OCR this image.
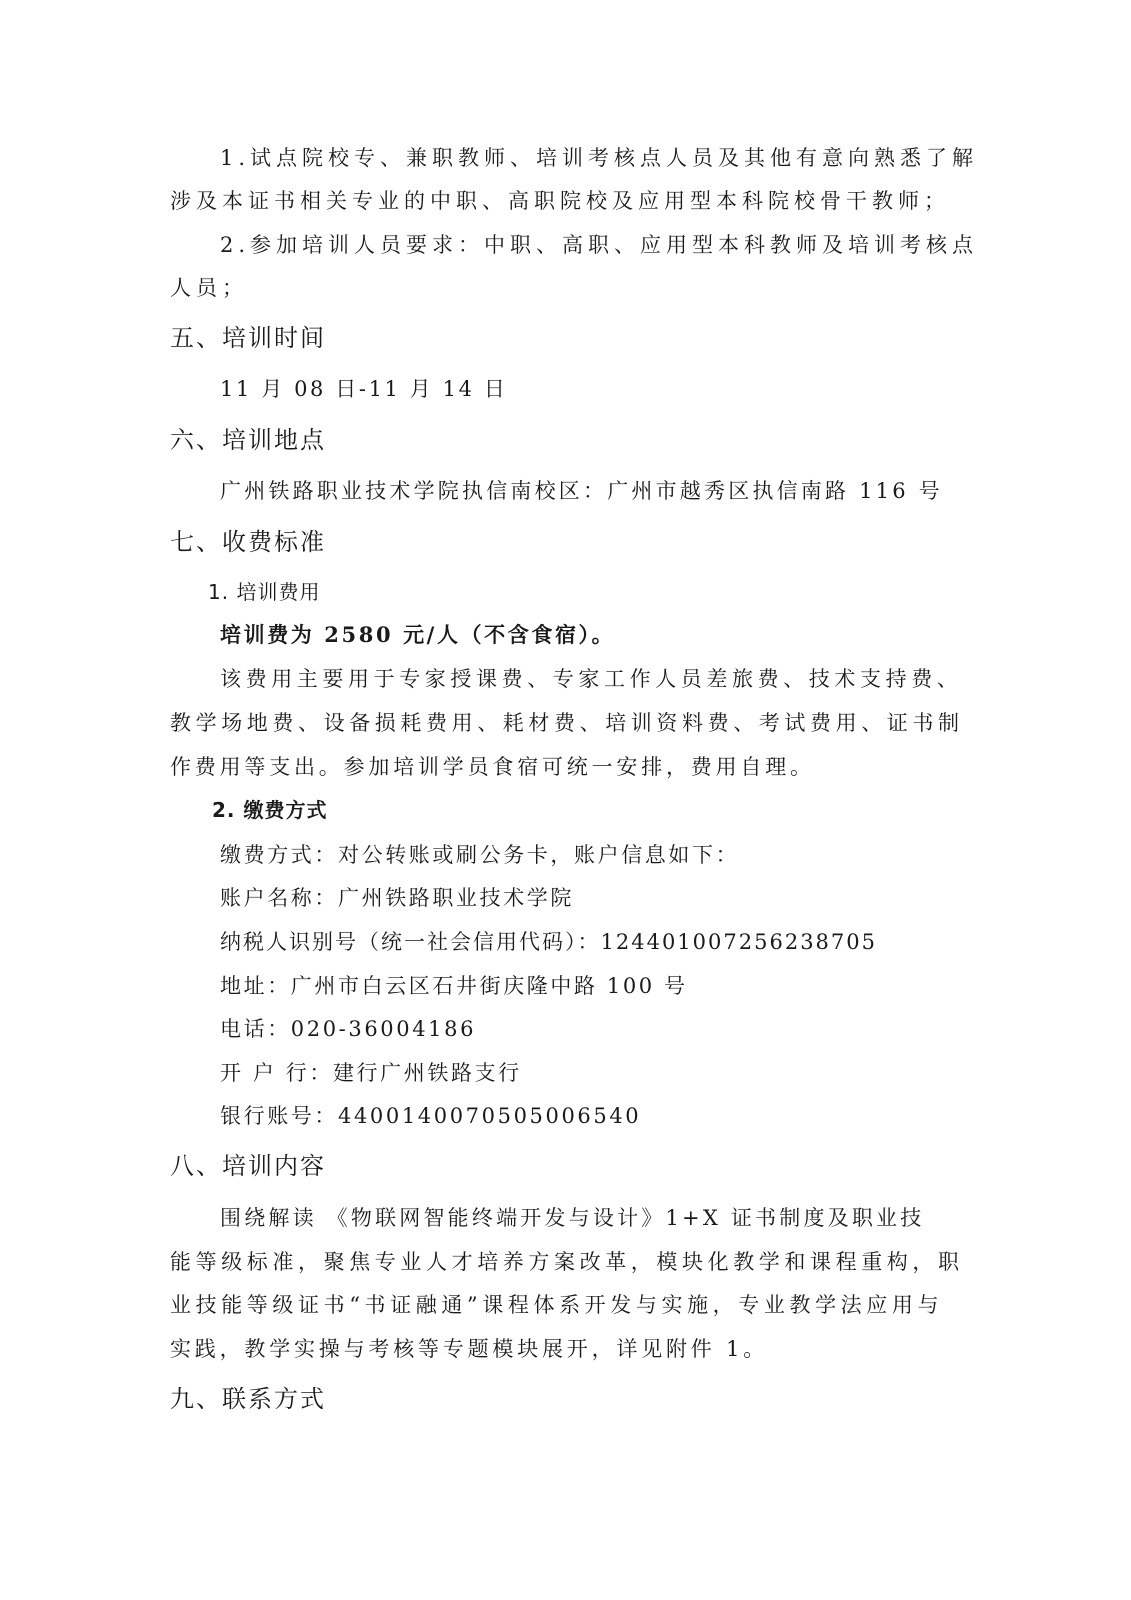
1.试点院校专、兼职教师、培训考核点人员及其他有意向熟悉了解
涉及本证书相关专业的中职、高职院校及应用型本科院校骨干教师；
2.参加培训人员要求：中职、高职、应用型本科教师及培训考核点
人员；
五、培训时间
11 月 08 日-11 月 14 日
六、培训地点
广州铁路职业技术学院执信南校区：广州市越秀区执信南路 116 号
七、收费标准
1. 培训费用
培训费为 2580 元/人（不含食宿）。
该费用主要用于专家授课费、专家工作人员差旅费、技术支持费、
教学场地费、设备损耗费用、耗材费、培训资料费、考试费用、证书制
作费用等支出。参加培训学员食宿可统一安排，费用自理。
2. 缴费方式
缴费方式：对公转账或刷公务卡，账户信息如下：
账户名称：广州铁路职业技术学院
纳税人识别号（统一社会信用代码）：12440100725623870​5
地址：广州市白云区石井街庆隆中路 100 号
电话：020-36004186
开 户 行：建行广州铁路支行
银行账号：44001400705050065​40
八、培训内容
围绕解读 《物联网智能终端开发与设计》1+X 证书制度及职业技
能等级标准，聚焦专业人才培养方案改革，模块化教学和课程重构，职
业技能等级证书“书证融通”课程体系开发与实施，专业教学法应用与
实践，教学实操与考核等专题模块展开，详见附件 1。
九、联系方式
